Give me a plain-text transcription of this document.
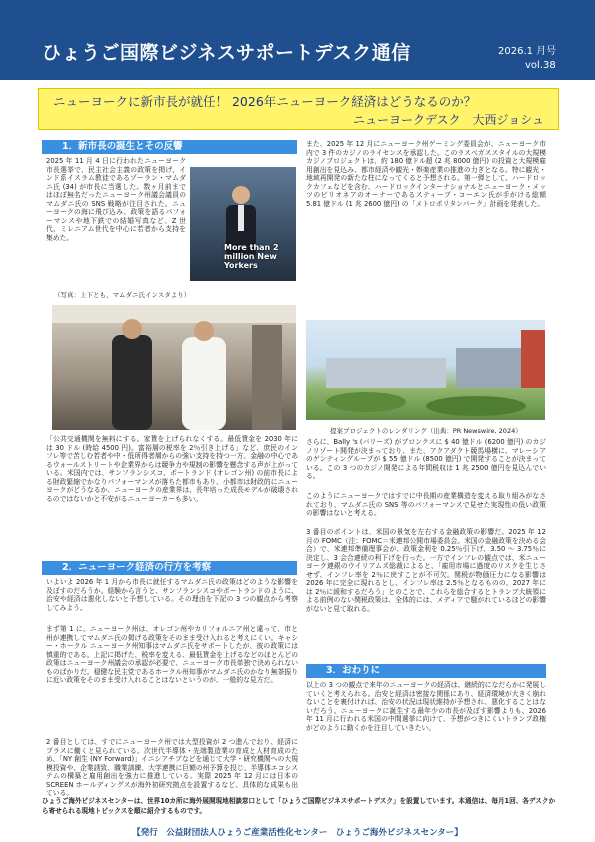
ひょうご国際ビジネスサポートデスク通信	2026.1 月号
vol.38
ニューヨークに新市長が就任！ 2026年ニューヨーク経済はどうなるのか？
ニューヨークデスク　大西ジョシュ
1．新市長の誕生とその反響
2025 年 11 月 4 日に行われたニューヨーク市長選挙で、民主社会主義の政策を掲げ、インド系イスラム教徒であるゾーラン・マムダニ氏 (34) が市長に当選した。数ヶ月前まではほぼ無名だったニューヨーク州議会議員のマムダニ氏の SNS 戦略が注目された。ニューヨークの海に飛び込み、政策を語るパフォーマンスや地下鉄での結婚写真など、Z 世代、ミレニアム世代を中心に若者から支持を集めた。
More than 2 million New Yorkers
（写真：上下とも、マムダニ氏インスタより）
「公共交通機関を無料にする。家賃を上げられなくする。最低賃金を 2030 年には 30 ドル (時給 4500 円)。富裕層の税率を 2％引き上げる」など、庶民のインフレ等で苦しむ若者や中・低所得者層からの強い支持を持つ一方、金融の中心であるウォールストリートや企業界からは競争力や規制の影響を懸念する声が上がっている。米国内では、サンフランシスコ、ポートランド (オレゴン州) の前市長による財政緊縮でかなりパフォーマンスが落ちた都市もあり、小都市は財政的にニューヨークがどうなるか、ニューヨークの産業界は、長年培った成長モデルが破壊されるのではないかと不安がるニューヨーカーも多い。
2．ニューヨーク経済の行方を考察
いよいよ 2026 年 1 月から市長に就任するマムダニ氏の政策はどのような影響を及ぼすのだろうか。経験から言うと、サンフランシスコやポートランドのように、治安や経済は悪化しないと予想している。その理由を下記の 3 つの観点から考察してみよう。
まず第 1 に、ニューヨーク州は、オレゴン州やカリフォルニア州と違って、市と州が連携してマムダニ氏の掲げる政策をそのまま受け入れると考えにくい。キャシー・ホークル ニューヨーク州知事はマムダニ氏をサポートしたが、彼の政策には慎重的である。上記に掲げた、税率を変える、最低賃金を上げるなどのほとんどの政策はニューヨーク州議会の承認が必要で、ニューヨーク市長単独で決められないものばかりだ。穏健な民主党であるホークル州知事がマムダニ氏のかなり無茶振りに近い政策をそのまま受け入れることはないというのが、一般的な見方だ。
2 番目としては、すでにニューヨーク州では大型投資が 2 つ進んでおり、経済にプラスに働くと見られている。次世代半導体・先端製造業の育成と人材育成のため、「NY 創生 (NY Forward)」イニシアチブなどを通じて大学・研究機関への大規模投資や、企業誘致、職業訓練、大学連携に巨額の州予算を投じ、半導体エコシステムの構築と雇用創出を強力に推進している。実際 2025 年 12 月には日本の SCREEN ホールディングスが海外初研究拠点を設置するなど、具体的な成果も出ている。
また、2025 年 12 月にニューヨーク州ゲーミング委員会が、ニューヨーク市内で 3 件のカジノのライセンスを承認した。このラスベガススタイルの大規模カジノプロジェクトは、約 180 億ドル超 (2 兆 8000 億円) の投資と大規模雇用創出を見込み、都市経済や観光・娯楽産業の推進の力ぎとなる。特に観光・地域再開発の新たな柱になってくると予想される。第一弾として、ハードロックカフェなどを含む、ハードロックインターナショナルとニューヨーク・メッツのビリオネアのオーナーであるスティーブ・コーエン氏が手がける総額 5.81 億ドル (1 兆 2600 億円) の「メトロポリタンパーク」計画を発表した。
提案プロジェクトのレンダリング（出典：PR Newswire, 2024）
さらに、Bally 's (バリーズ) がブロンクスに $ 40 億ドル (6200 億円) のカジノリゾート開発が決まっており、また、アクアダクト競馬場横に、マレーシアのゲンティングループが $ 55 億ドル (8500 億円) で開発することが決まっている。この 3 つのカジノ開発による年間税収は 1 兆 2500 億円を見込んでいる。
このようにニューヨークではすでに中長期の産業構造を変える取り組みがなされており、マムダニ氏の SNS 等のパフォーマンスで見せた実現性の低い政策の影響はないと考える。
3 番目のポイントは、米国の景気を左右する金融政策の影響だ。2025 年 12 月の FOMC（注：FOMC＝米連邦公開市場委員会。米国の金融政策を決める会合）で、米連邦準備理事会が、政策金利を 0.25％引下げ、3.50 ～ 3.75％に決定し、3 会合連続の利下げを行った。一方でインフレの観点では、米ニューヨーク連銀のウイリアムズ総裁によると、「雇用市場に過度のリスクを生じさせず、インフレ率を 2％に戻すことが不可欠。関税が物価圧力になる影響は 2026 年に完全に現れるとし、インフレ率は 2.5％となるものの、2027 年には 2％に緩和するだろう」とのことで、これらを総合するとトランプ大統領による前例のない関税政策は、全体的には、メディアで騒がれているほどの影響がないと見て取れる。
3．おわりに
以上の 3 つの観点で来年のニューヨークの経済は、継続的になだらかに発展していくと考えられる。治安と経済は密接な関係にあり、経済環境が大きく崩れないことを裏付ければ、治安の状況は現状維持が予想され、悪化することはないだろう。ニューヨークに誕生する最年少の市長が及ぼす影響よりも、2026 年 11 月に行われる米国の中間選挙に向けて、予想がつきにくいトランプ政権がどのように動くかを注目していきたい。
ひょうご海外ビジネスセンターは、世界10カ所に海外展開現地相談窓口として「ひょうご国際ビジネスサポートデスク」を設置しています。本通信は、毎月1回、各デスクから寄せられる現地トピックスを順に紹介するものです。
【発行　公益財団法人ひょうご産業活性化センター　ひょうご海外ビジネスセンター】
